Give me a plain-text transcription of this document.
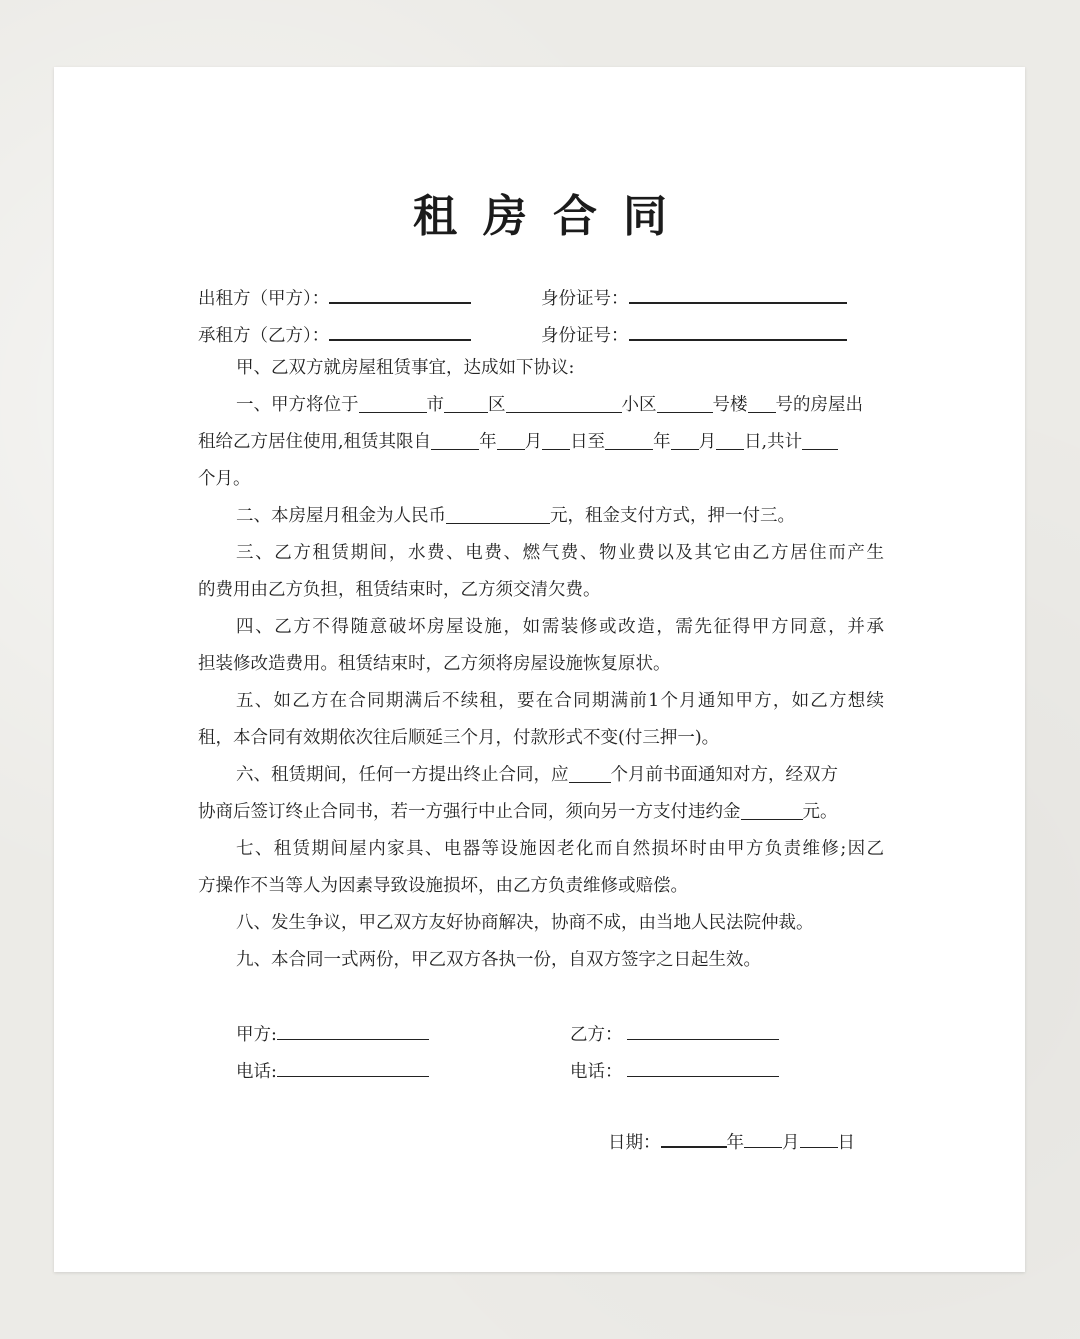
租房合同
出租方（甲方）：	身份证号：
承租方（乙方）：	身份证号：
甲、乙双方就房屋租赁事宜，达成如下协议:
一、甲方将位于	市	区	小区	号楼 号的房屋出
租给乙方居住使用,租赁其限自	年 月 日至	年 月 日,共计
个月。
二、本房屋月租金为人民币	元，租金支付方式，押一付三。
三、乙方租赁期间，水费、电费、燃气费、物业费以及其它由乙方居住而产生
的费用由乙方负担，租赁结束时，乙方须交清欠费。
四、乙方不得随意破坏房屋设施，如需装修或改造，需先征得甲方同意，并承
担装修改造费用。租赁结束时，乙方须将房屋设施恢复原状。
五、如乙方在合同期满后不续租，要在合同期满前1个月通知甲方，如乙方想续
租，本合同有效期依次往后顺延三个月，付款形式不变(付三押一)。
六、租赁期间，任何一方提出终止合同，应 个月前书面通知对方，经双方
协商后签订终止合同书，若一方强行中止合同，须向另一方支付违约金	元。
七、租赁期间屋内家具、电器等设施因老化而自然损坏时由甲方负责维修;因乙
方操作不当等人为因素导致设施损坏，由乙方负责维修或赔偿。
八、发生争议，甲乙双方友好协商解决，协商不成，由当地人民法院仲裁。
九、本合同一式两份，甲乙双方各执一份，自双方签字之日起生效。
甲方:	乙方：
电话:	电话：
日期：	年 月 日
